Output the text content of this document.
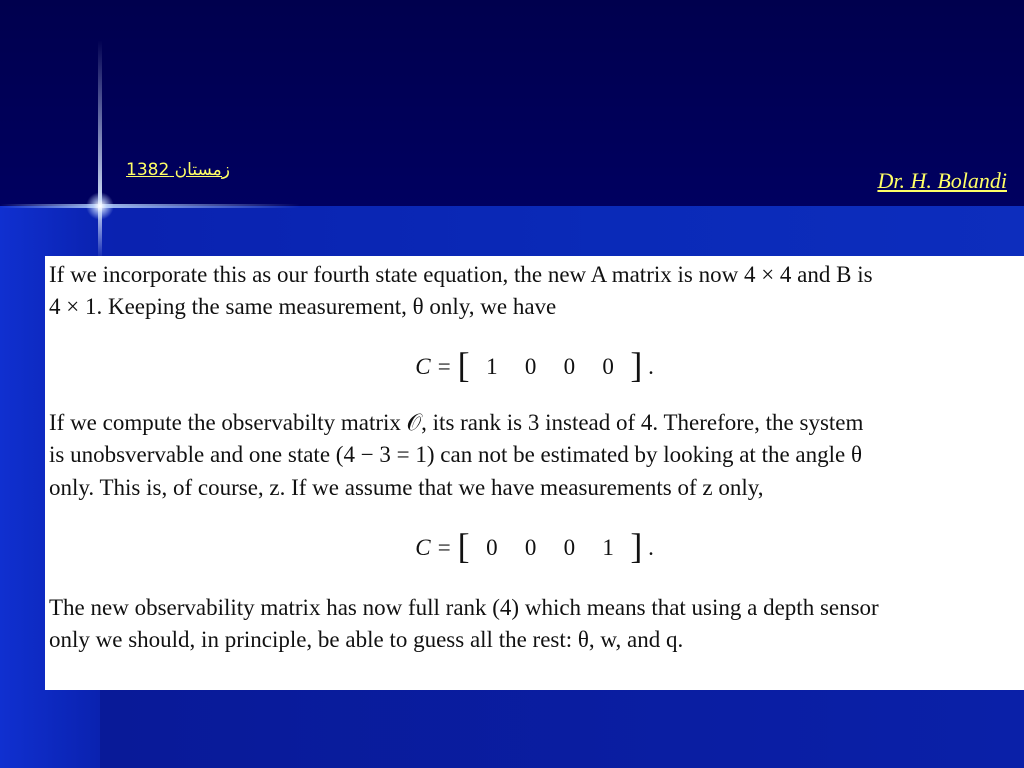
زمستان 1382	Dr. H. Bolandi
If we incorporate this as our fourth state equation, the new A matrix is now 4 × 4 and B is
4 × 1. Keeping the same measurement, θ only, we have
C = [ 1 0 0 0 ] .
If we compute the observabilty matrix 𝒪, its rank is 3 instead of 4. Therefore, the system
is unobsvervable and one state (4 − 3 = 1) can not be estimated by looking at the angle θ
only. This is, of course, z. If we assume that we have measurements of z only,
C = [ 0 0 0 1 ] .
The new observability matrix has now full rank (4) which means that using a depth sensor
only we should, in principle, be able to guess all the rest: θ, w, and q.
